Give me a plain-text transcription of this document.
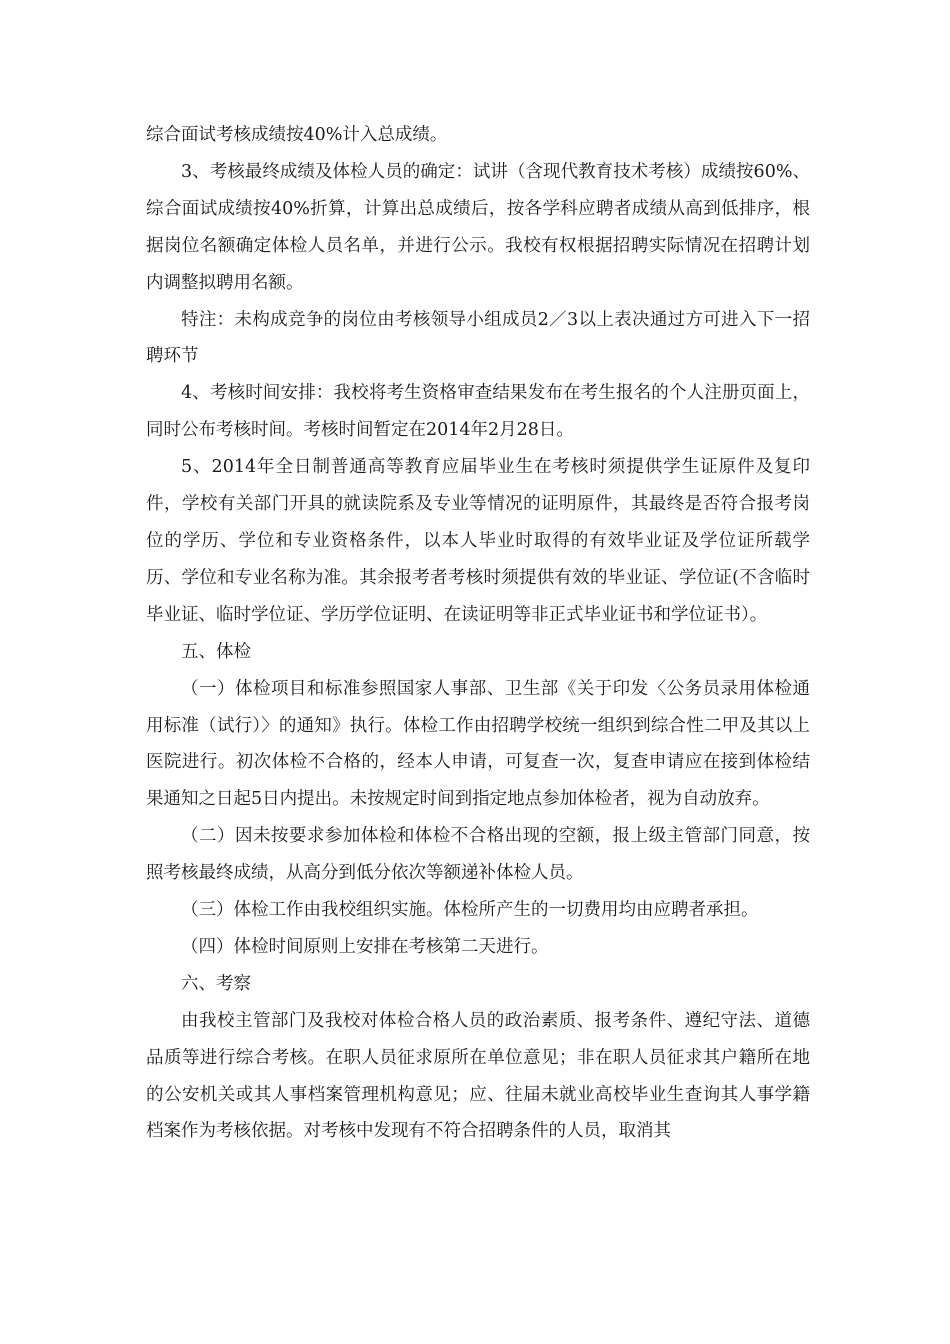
综合面试考核成绩按40%计入总成绩。

3、考核最终成绩及体检人员的确定：试讲（含现代教育技术考核）成绩按60%、综合面试成绩按40%折算，计算出总成绩后，按各学科应聘者成绩从高到低排序，根据岗位名额确定体检人员名单，并进行公示。我校有权根据招聘实际情况在招聘计划内调整拟聘用名额。

特注：未构成竞争的岗位由考核领导小组成员2／3以上表决通过方可进入下一招聘环节

4、考核时间安排：我校将考生资格审查结果发布在考生报名的个人注册页面上，同时公布考核时间。考核时间暂定在2014年2月28日。

5、2014年全日制普通高等教育应届毕业生在考核时须提供学生证原件及复印件，学校有关部门开具的就读院系及专业等情况的证明原件，其最终是否符合报考岗位的学历、学位和专业资格条件，以本人毕业时取得的有效毕业证及学位证所载学历、学位和专业名称为准。其余报考者考核时须提供有效的毕业证、学位证(不含临时毕业证、临时学位证、学历学位证明、在读证明等非正式毕业证书和学位证书）。

五、体检

（一）体检项目和标准参照国家人事部、卫生部《关于印发〈公务员录用体检通用标准（试行）〉的通知》执行。体检工作由招聘学校统一组织到综合性二甲及其以上医院进行。初次体检不合格的，经本人申请，可复查一次，复查申请应在接到体检结果通知之日起5日内提出。未按规定时间到指定地点参加体检者，视为自动放弃。

（二）因未按要求参加体检和体检不合格出现的空额，报上级主管部门同意，按照考核最终成绩，从高分到低分依次等额递补体检人员。

（三）体检工作由我校组织实施。体检所产生的一切费用均由应聘者承担。

（四）体检时间原则上安排在考核第二天进行。

六、考察

由我校主管部门及我校对体检合格人员的政治素质、报考条件、遵纪守法、道德品质等进行综合考核。在职人员征求原所在单位意见；非在职人员征求其户籍所在地的公安机关或其人事档案管理机构意见；应、往届未就业高校毕业生查询其人事学籍档案作为考核依据。对考核中发现有不符合招聘条件的人员，取消其
